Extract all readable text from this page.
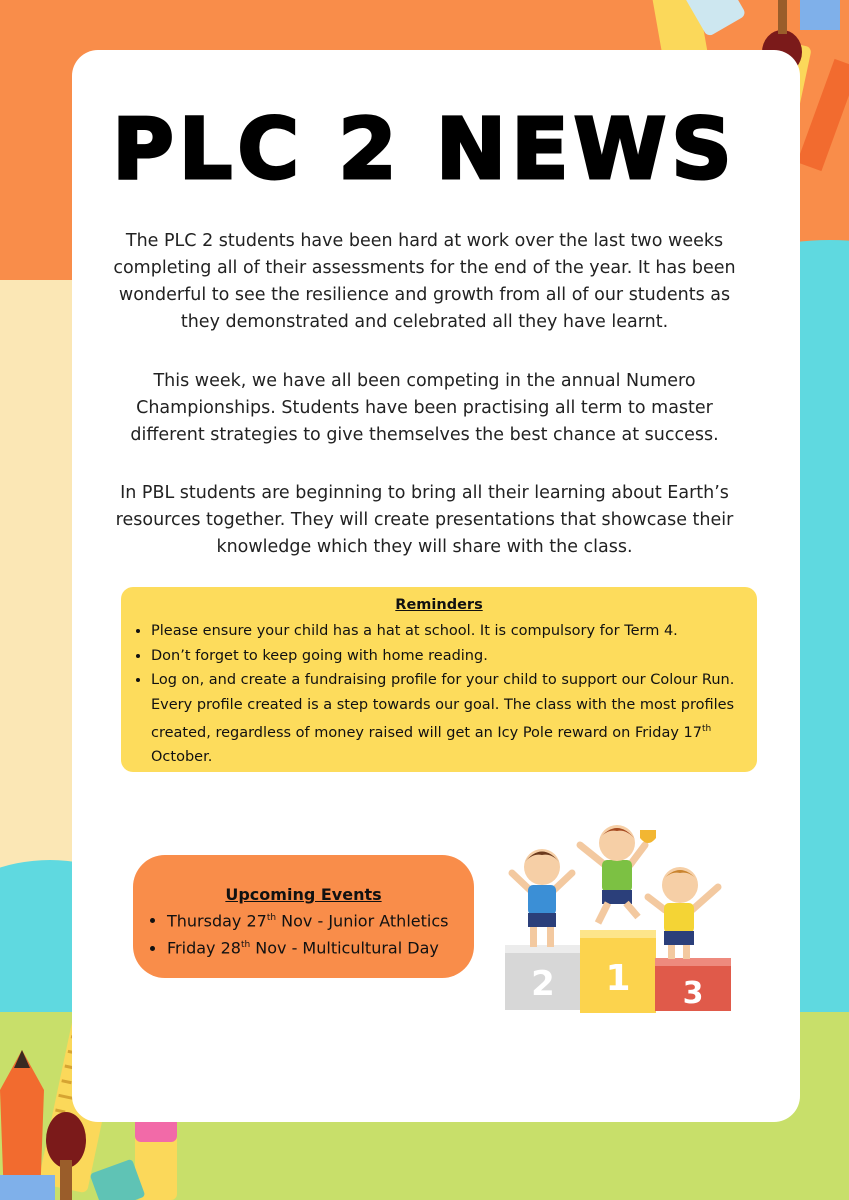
PLC 2 NEWS
The PLC 2 students have been hard at work over the last two weeks completing all of their assessments for the end of the year. It has been wonderful to see the resilience and growth from all of our students as they demonstrated and celebrated all they have learnt.
This week, we have all been competing in the annual Numero Championships. Students have been practising all term to master different strategies to give themselves the best chance at success.
In PBL students are beginning to bring all their learning about Earth’s resources together. They will create presentations that showcase their knowledge which they will share with the class.
Reminders
• Please ensure your child has a hat at school. It is compulsory for Term 4.
• Don’t forget to keep going with home reading.
• Log on, and create a fundraising profile for your child to support our Colour Run. Every profile created is a step towards our goal. The class with the most profiles created, regardless of money raised will get an Icy Pole reward on Friday 17th October.
Upcoming Events
• Thursday 27th Nov - Junior Athletics
• Friday 28th Nov - Multicultural Day
2 1 3
